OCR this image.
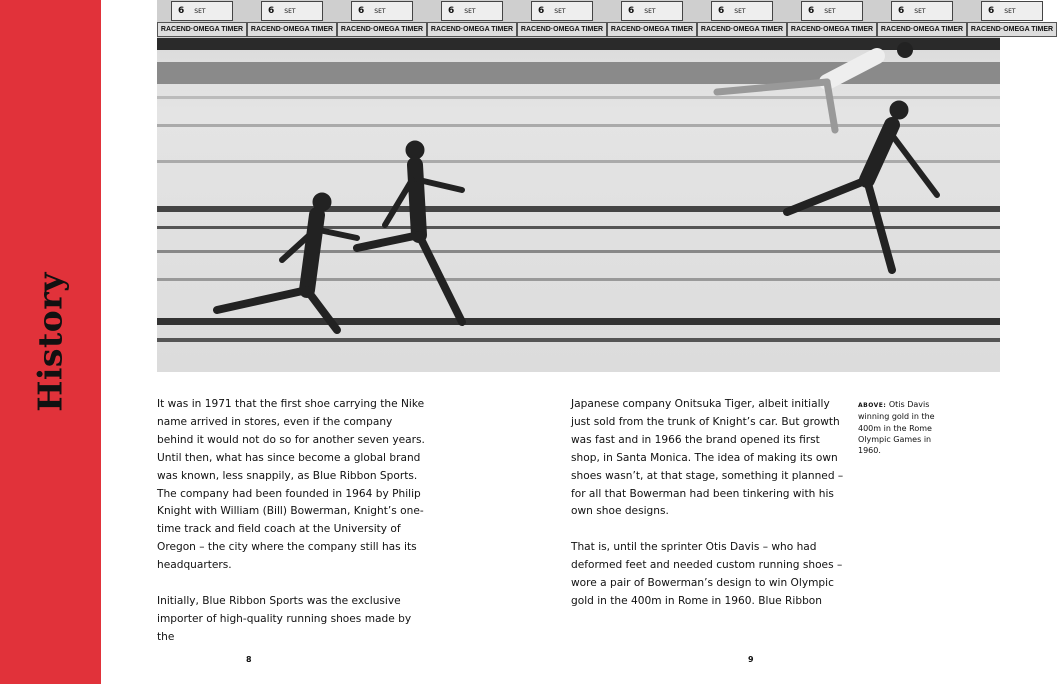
History
6 SET	6 SET	6 SET	6 SET	6 SET	6 SET	6 SET	6 SET	6 SET	6 SET
RACEND·OMEGA TIMER	RACEND·OMEGA TIMER	RACEND·OMEGA TIMER	RACEND·OMEGA TIMER	RACEND·OMEGA TIMER	RACEND·OMEGA TIMER	RACEND·OMEGA TIMER	RACEND·OMEGA TIMER	RACEND·OMEGA TIMER	RACEND·OMEGA TIMER

It was in 1971 that the first shoe carrying the Nike name arrived in stores, even if the company behind it would not do so for another seven years. Until then, what has since become a global brand was known, less snappily, as Blue Ribbon Sports. The company had been founded in 1964 by Philip Knight with William (Bill) Bowerman, Knight’s one-time track and field coach at the University of Oregon – the city where the company still has its headquarters.

Initially, Blue Ribbon Sports was the exclusive importer of high-quality running shoes made by the

Japanese company Onitsuka Tiger, albeit initially just sold from the trunk of Knight’s car. But growth was fast and in 1966 the brand opened its first shop, in Santa Monica. The idea of making its own shoes wasn’t, at that stage, something it planned – for all that Bowerman had been tinkering with his own shoe designs.

That is, until the sprinter Otis Davis – who had deformed feet and needed custom running shoes – wore a pair of Bowerman’s design to win Olympic gold in the 400m in Rome in 1960. Blue Ribbon

ABOVE: Otis Davis winning gold in the 400m in the Rome Olympic Games in 1960.
8	9
